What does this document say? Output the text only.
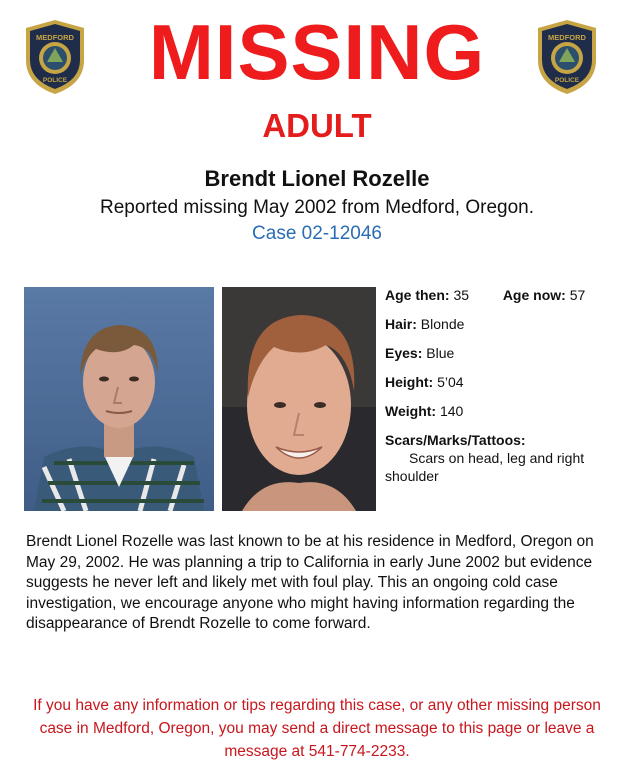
MEDFORD
POLICE
MEDFORD
POLICE
MISSING
ADULT
Brendt Lionel Rozelle
Reported missing May 2002 from Medford, Oregon.
Case 02-12046
Age then: 35 Age now: 57
Hair: Blonde
Eyes: Blue
Height: 5’04
Weight: 140
Scars/Marks/Tattoos:
Scars on head, leg and right shoulder
Brendt Lionel Rozelle was last known to be at his residence in Medford, Oregon on May 29, 2002. He was planning a trip to California in early June 2002 but evidence suggests he never left and likely met with foul play. This an ongoing cold case investigation, we encourage anyone who might having information regarding the disappearance of Brendt Rozelle to come forward.
If you have any information or tips regarding this case, or any other missing person case in Medford, Oregon, you may send a direct message to this page or leave a message at 541-774-2233.
